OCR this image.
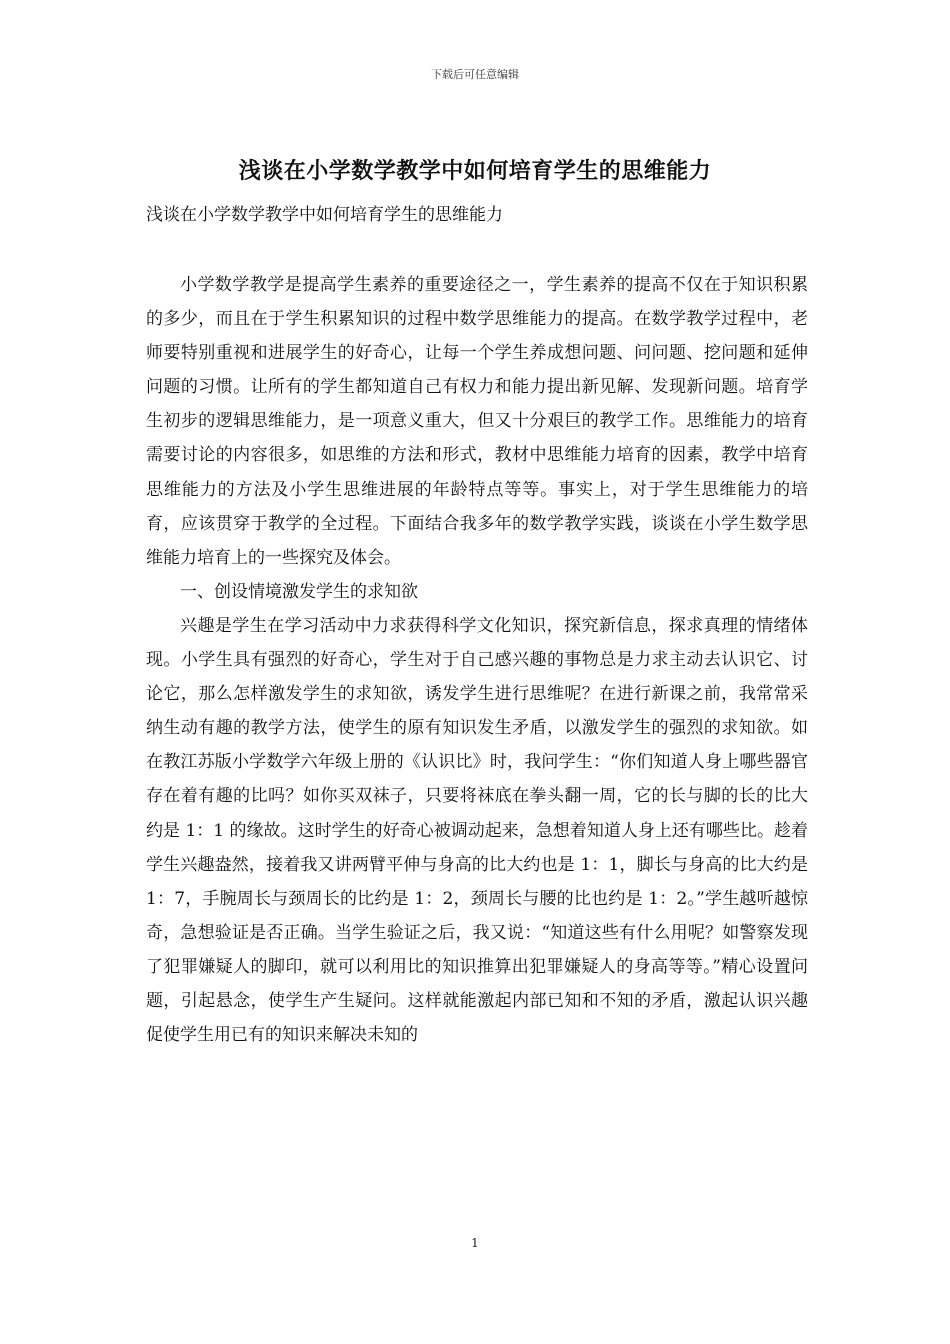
下载后可任意编辑
浅谈在小学数学教学中如何培育学生的思维能力

浅谈在小学数学教学中如何培育学生的思维能力

小学数学教学是提高学生素养的重要途径之一，学生素养的提高不仅在于知识积累的多少，而且在于学生积累知识的过程中数学思维能力的提高。在数学教学过程中，老师要特别重视和进展学生的好奇心，让每一个学生养成想问题、问问题、挖问题和延伸问题的习惯。让所有的学生都知道自己有权力和能力提出新见解、发现新问题。培育学生初步的逻辑思维能力，是一项意义重大，但又十分艰巨的教学工作。思维能力的培育需要讨论的内容很多，如思维的方法和形式，教材中思维能力培育的因素，教学中培育思维能力的方法及小学生思维进展的年龄特点等等。事实上，对于学生思维能力的培育，应该贯穿于教学的全过程。下面结合我多年的数学教学实践，谈谈在小学生数学思维能力培育上的一些探究及体会。

一、创设情境激发学生的求知欲

兴趣是学生在学习活动中力求获得科学文化知识，探究新信息，探求真理的情绪体现。小学生具有强烈的好奇心，学生对于自己感兴趣的事物总是力求主动去认识它、讨论它，那么怎样激发学生的求知欲，诱发学生进行思维呢？在进行新课之前，我常常采纳生动有趣的教学方法，使学生的原有知识发生矛盾，以激发学生的强烈的求知欲。如在教江苏版小学数学六年级上册的《认识比》时，我问学生：“你们知道人身上哪些器官存在着有趣的比吗？如你买双袜子，只要将袜底在拳头翻一周，它的长与脚的长的比大约是 1：1 的缘故。这时学生的好奇心被调动起来，急想着知道人身上还有哪些比。趁着学生兴趣盎然，接着我又讲两臂平伸与身高的比大约也是 1：1，脚长与身高的比大约是 1：7，手腕周长与颈周长的比约是 1：2，颈周长与腰的比也约是 1：2。”学生越听越惊奇，急想验证是否正确。当学生验证之后，我又说：“知道这些有什么用呢？如警察发现了犯罪嫌疑人的脚印，就可以利用比的知识推算出犯罪嫌疑人的身高等等。”精心设置问题，引起悬念，使学生产生疑问。这样就能激起内部已知和不知的矛盾，激起认识兴趣促使学生用已有的知识来解决未知的

1
